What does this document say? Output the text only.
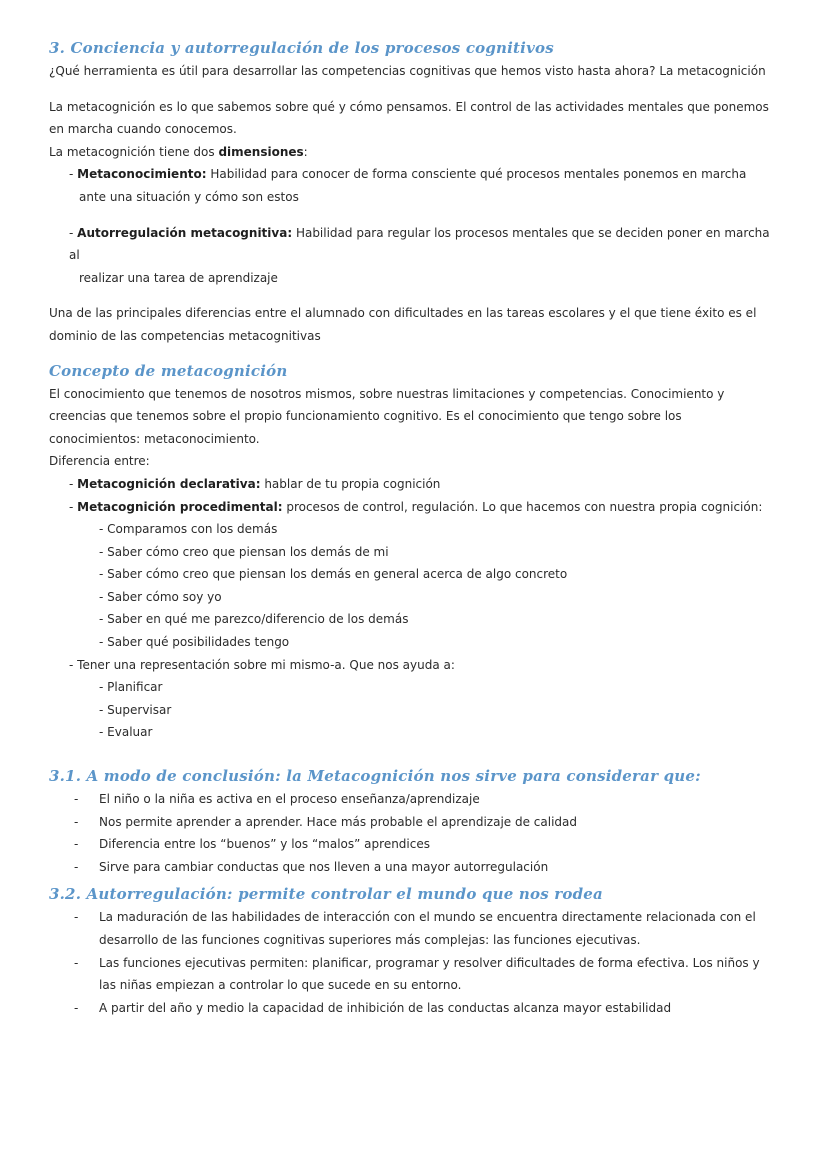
3. Conciencia y autorregulación de los procesos cognitivos

¿Qué herramienta es útil para desarrollar las competencias cognitivas que hemos visto hasta ahora? La metacognición

La metacognición es lo que sabemos sobre qué y cómo pensamos. El control de las actividades mentales que ponemos

en marcha cuando conocemos.

La metacognición tiene dos dimensiones:

- Metaconocimiento: Habilidad para conocer de forma consciente qué procesos mentales ponemos en marcha

ante una situación y cómo son estos

- Autorregulación metacognitiva: Habilidad para regular los procesos mentales que se deciden poner en marcha al

realizar una tarea de aprendizaje

Una de las principales diferencias entre el alumnado con dificultades en las tareas escolares y el que tiene éxito es el

dominio de las competencias metacognitivas

Concepto de metacognición

El conocimiento que tenemos de nosotros mismos, sobre nuestras limitaciones y competencias. Conocimiento y

creencias que tenemos sobre el propio funcionamiento cognitivo. Es el conocimiento que tengo sobre los

conocimientos: metaconocimiento.

Diferencia entre:

- Metacognición declarativa: hablar de tu propia cognición

- Metacognición procedimental: procesos de control, regulación. Lo que hacemos con nuestra propia cognición:

- Comparamos con los demás

- Saber cómo creo que piensan los demás de mi

- Saber cómo creo que piensan los demás en general acerca de algo concreto

- Saber cómo soy yo

- Saber en qué me parezco/diferencio de los demás

- Saber qué posibilidades tengo

- Tener una representación sobre mi mismo-a. Que nos ayuda a:

- Planificar

- Supervisar

- Evaluar

3.1. A modo de conclusión: la Metacognición nos sirve para considerar que:
- El niño o la niña es activa en el proceso enseñanza/aprendizaje
- Nos permite aprender a aprender. Hace más probable el aprendizaje de calidad
- Diferencia entre los “buenos” y los “malos” aprendices
- Sirve para cambiar conductas que nos lleven a una mayor autorregulación
3.2. Autorregulación: permite controlar el mundo que nos rodea
- La maduración de las habilidades de interacción con el mundo se encuentra directamente relacionada con el
desarrollo de las funciones cognitivas superiores más complejas: las funciones ejecutivas.
- Las funciones ejecutivas permiten: planificar, programar y resolver dificultades de forma efectiva. Los niños y
las niñas empiezan a controlar lo que sucede en su entorno.
- A partir del año y medio la capacidad de inhibición de las conductas alcanza mayor estabilidad
